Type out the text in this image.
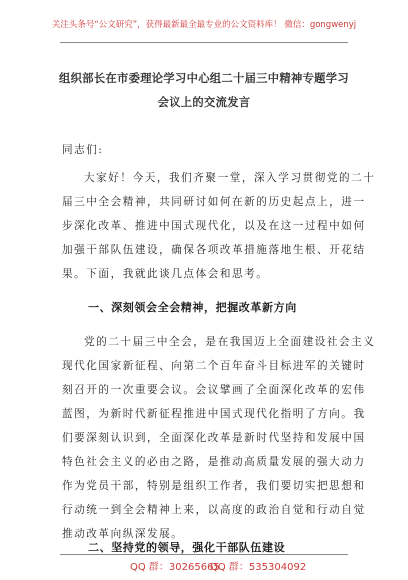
关注头条号“公文研究”，获得最新最全最专业的公文资料库！ 微信：gongwenyj
组织部长在市委理论学习中心组二十届三中精神专题学习
会议上的交流发言
同志们:
大家好！今天，我们齐聚一堂，深入学习贯彻党的二十
届三中全会精神，共同研讨如何在新的历史起点上，进一
步深化改革、推进中国式现代化，以及在这一过程中如何
加强干部队伍建设，确保各项改革措施落地生根、开花结
果。下面，我就此谈几点体会和思考。
一、深刻领会全会精神，把握改革新方向
党的二十届三中全会，是在我国迈上全面建设社会主义
现代化国家新征程、向第二个百年奋斗目标进军的关键时
刻召开的一次重要会议。会议擘画了全面深化改革的宏伟
蓝图，为新时代新征程推进中国式现代化指明了方向。我
们要深刻认识到，全面深化改革是新时代坚持和发展中国
特色社会主义的必由之路，是推动高质量发展的强大动力
作为党员干部，特别是组织工作者，我们要切实把思想和
行动统一到全会精神上来，以高度的政治自觉和行动自觉
推动改革向纵深发展。
QQ 群：30265665
QQ 群：535304092
二、坚持党的领导，强化干部队伍建设
